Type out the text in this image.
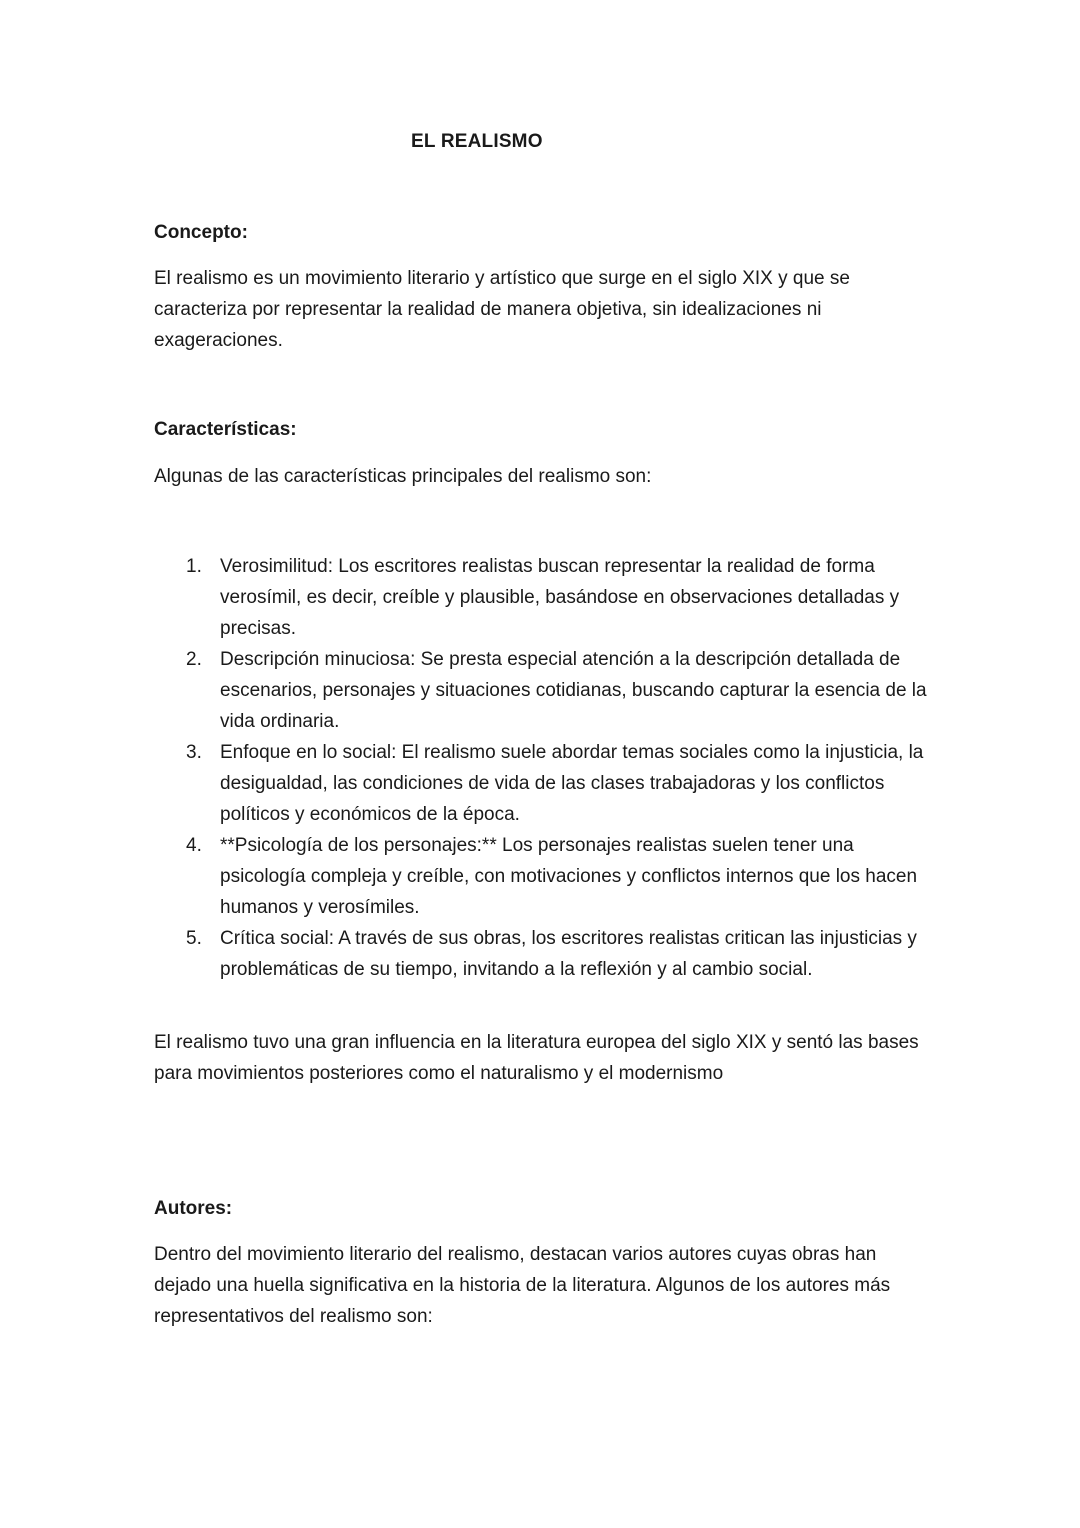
EL REALISMO
Concepto:

El realismo es un movimiento literario y artístico que surge en el siglo XIX y que se caracteriza por representar la realidad de manera objetiva, sin idealizaciones ni exageraciones.

Características:

Algunas de las características principales del realismo son:

1. Verosimilitud: Los escritores realistas buscan representar la realidad de forma verosímil, es decir, creíble y plausible, basándose en observaciones detalladas y precisas.
2. Descripción minuciosa: Se presta especial atención a la descripción detallada de escenarios, personajes y situaciones cotidianas, buscando capturar la esencia de la vida ordinaria.
3. Enfoque en lo social: El realismo suele abordar temas sociales como la injusticia, la desigualdad, las condiciones de vida de las clases trabajadoras y los conflictos políticos y económicos de la época.
4. **Psicología de los personajes:** Los personajes realistas suelen tener una psicología compleja y creíble, con motivaciones y conflictos internos que los hacen humanos y verosímiles.
5. Crítica social: A través de sus obras, los escritores realistas critican las injusticias y problemáticas de su tiempo, invitando a la reflexión y al cambio social.

El realismo tuvo una gran influencia en la literatura europea del siglo XIX y sentó las bases para movimientos posteriores como el naturalismo y el modernismo

Autores:

Dentro del movimiento literario del realismo, destacan varios autores cuyas obras han dejado una huella significativa en la historia de la literatura. Algunos de los autores más representativos del realismo son:
